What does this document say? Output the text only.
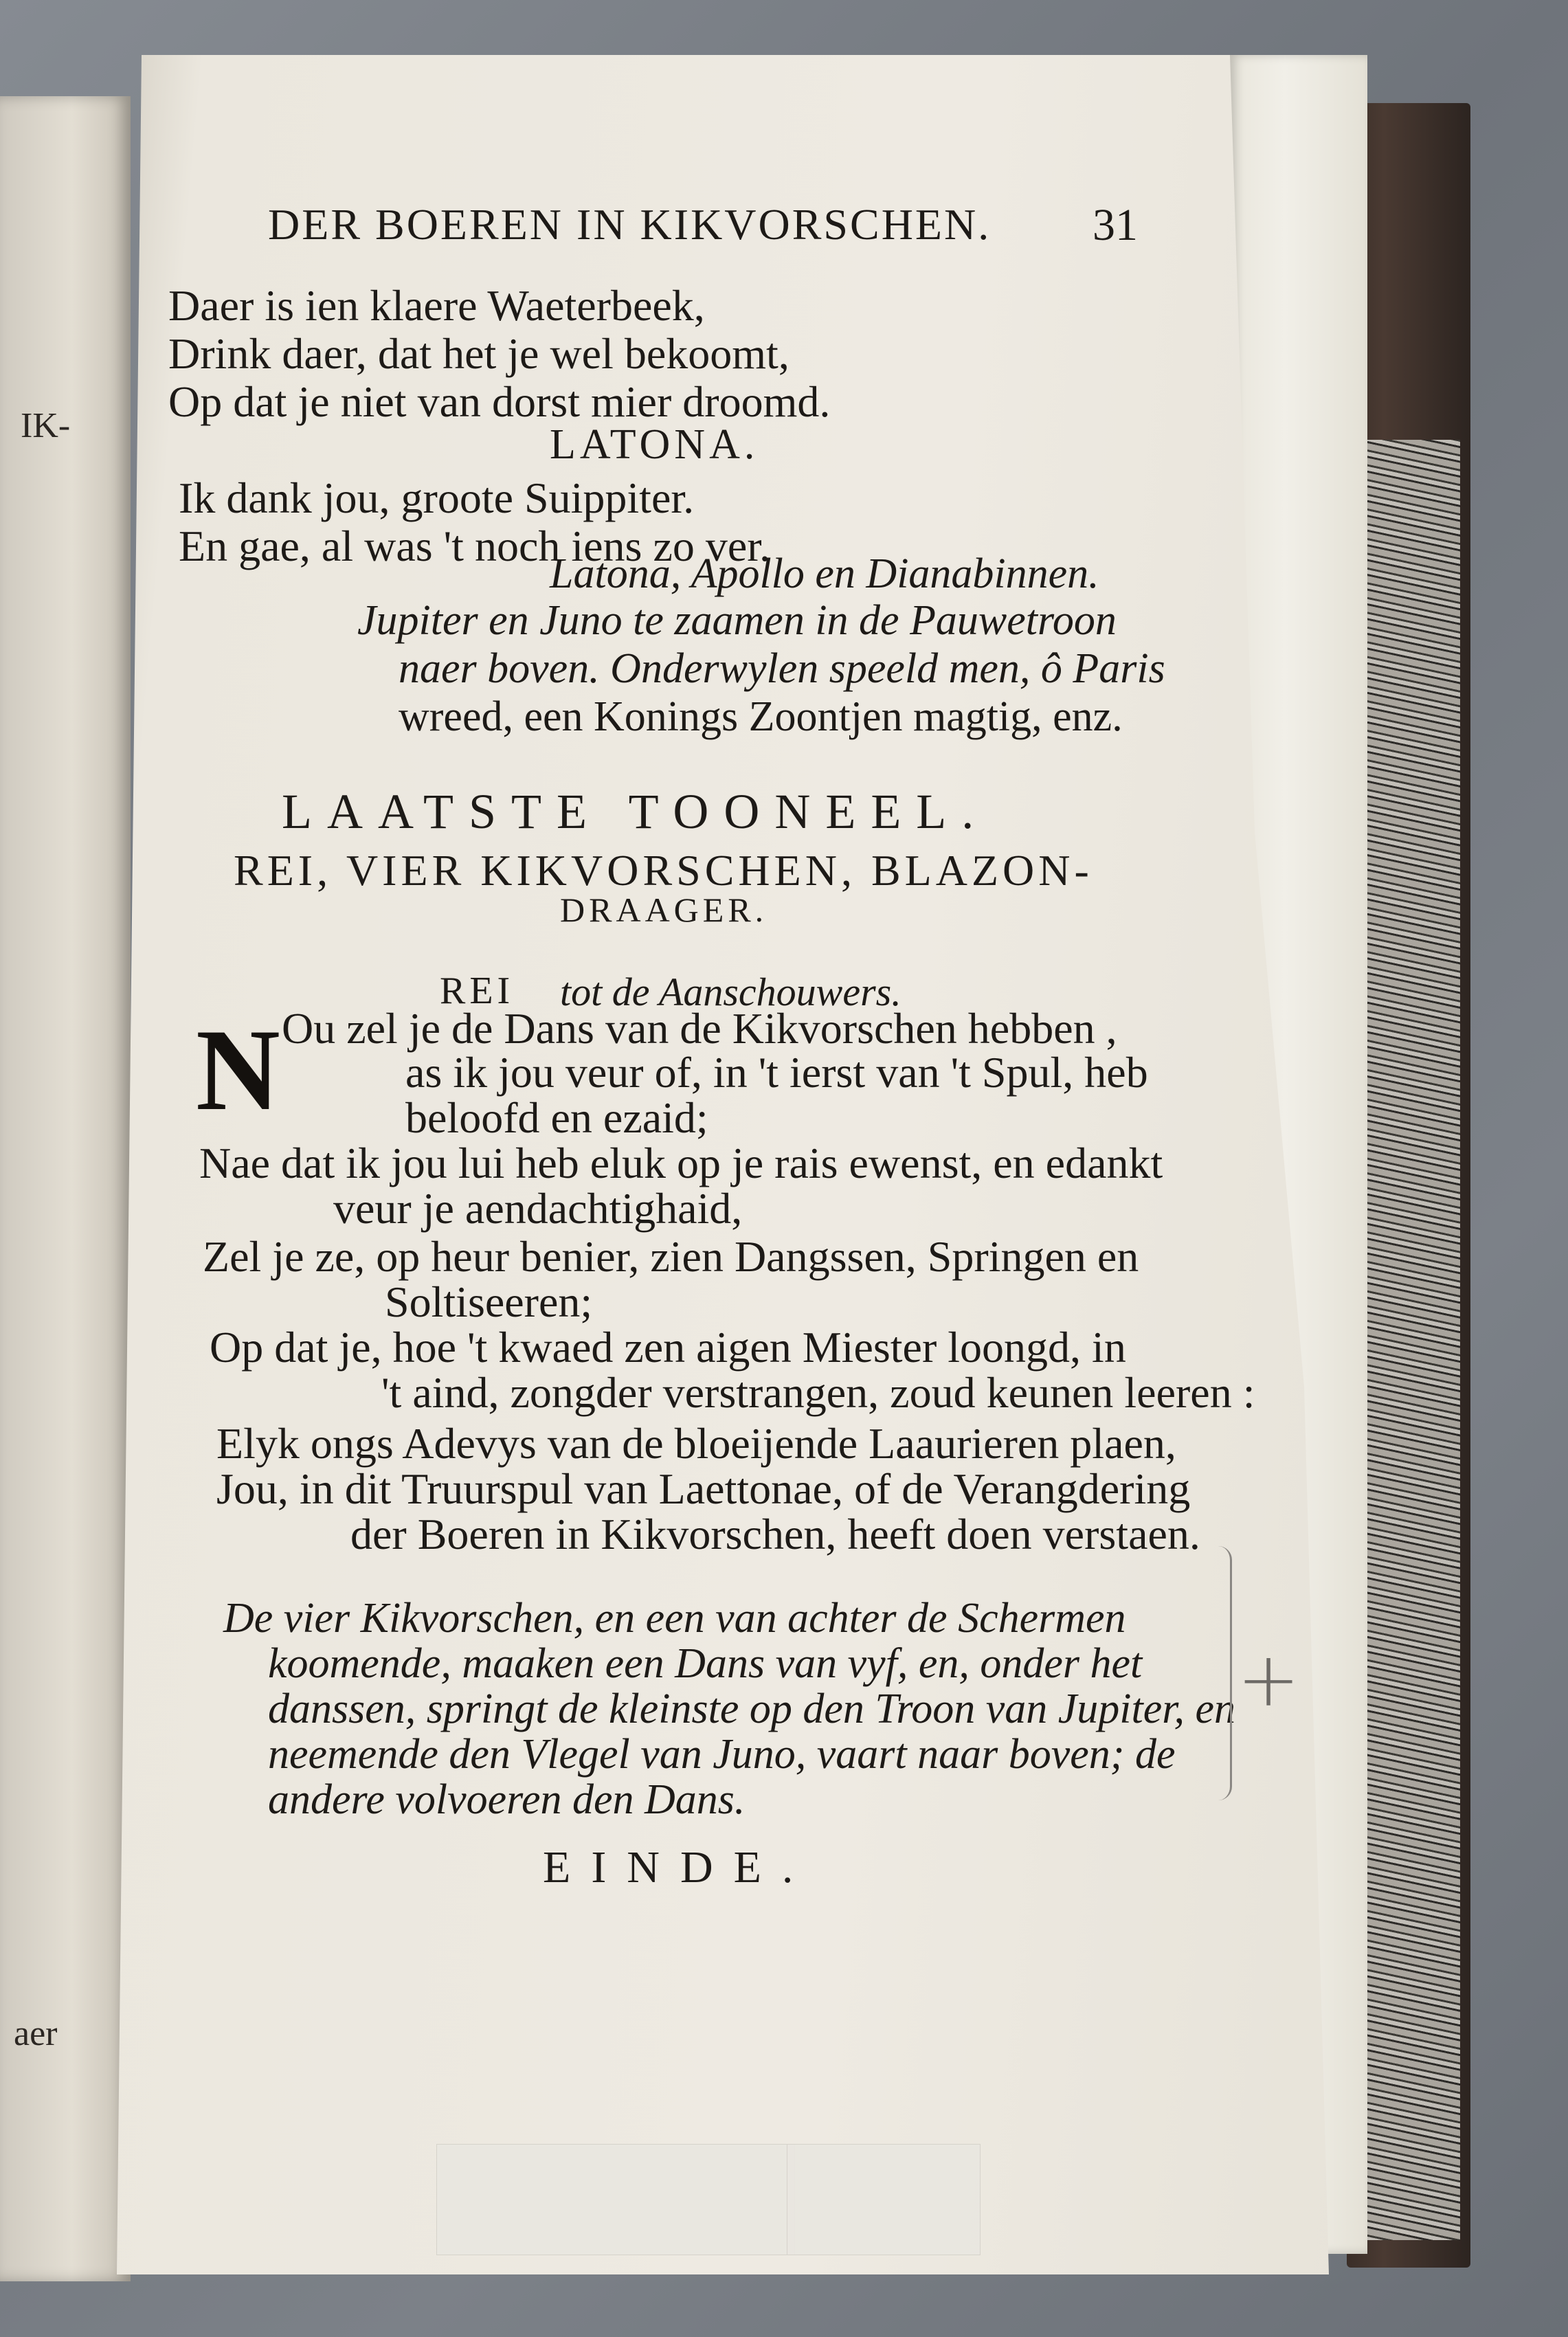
IK-
aer
DER BOEREN IN KIKVORSCHEN. 31
Daer is ien klaere Waeterbeek,
Drink daer, dat het je wel bekoomt,
Op dat je niet van dorst mier droomd.
LATONA.
Ik dank jou, groote Suippiter.
En gae, al was 't noch iens zo ver.
Latona, Apollo en Dianabinnen.
Jupiter en Juno te zaamen in de Pauwetroon
naer boven. Onderwylen speeld men, ô Paris
wreed, een Konings Zoontjen magtig, enz.
LAATSTE TOONEEL.
REI, VIER KIKVORSCHEN, BLAZON-
DRAAGER.
REI tot de Aanschouwers.
N Ou zel je de Dans van de Kikvorschen hebben ,
as ik jou veur of, in 't ierst van 't Spul, heb
beloofd en ezaid;
Nae dat ik jou lui heb eluk op je rais ewenst, en edankt
veur je aendachtighaid,
Zel je ze, op heur benier, zien Dangssen, Springen en
Soltiseeren;
Op dat je, hoe 't kwaed zen aigen Miester loongd, in
't aind, zongder verstrangen, zoud keunen leeren :
Elyk ongs Adevys van de bloeijende Laaurieren plaen,
Jou, in dit Truurspul van Laettonae, of de Verangdering
der Boeren in Kikvorschen, heeft doen verstaen.
De vier Kikvorschen, en een van achter de Schermen
koomende, maaken een Dans van vyf, en, onder het
danssen, springt de kleinste op den Troon van Jupiter, en
neemende den Vlegel van Juno, vaart naar boven; de
andere volvoeren den Dans.
EINDE.
+
